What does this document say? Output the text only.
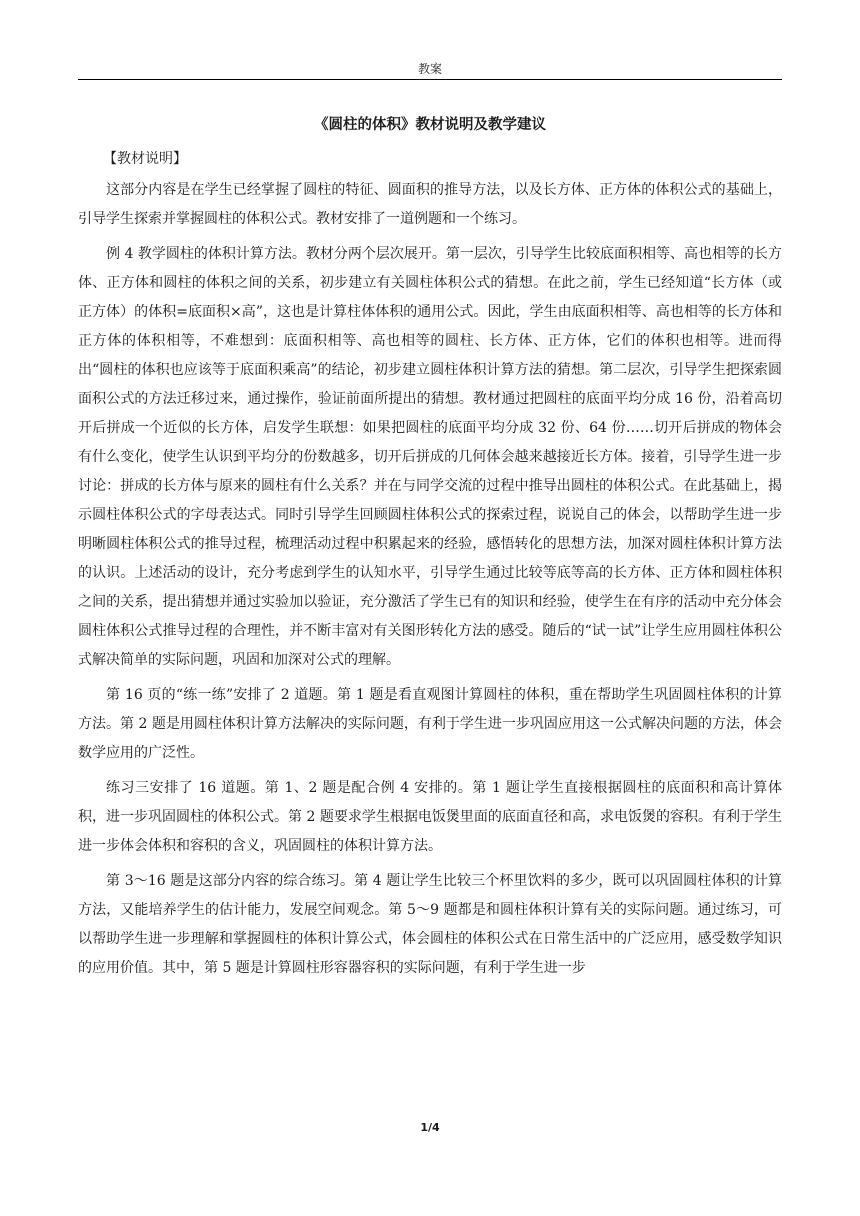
教案
《圆柱的体积》教材说明及教学建议
【教材说明】

这部分内容是在学生已经掌握了圆柱的特征、圆面积的推导方法，以及长方体、正方体的体积公式的基础上，引导学生探索并掌握圆柱的体积公式。教材安排了一道例题和一个练习。

例 4 教学圆柱的体积计算方法。教材分两个层次展开。第一层次，引导学生比较底面积相等、高也相等的长方体、正方体和圆柱的体积之间的关系，初步建立有关圆柱体积公式的猜想。在此之前，学生已经知道“长方体（或正方体）的体积=底面积×高”，这也是计算柱体体积的通用公式。因此，学生由底面积相等、高也相等的长方体和正方体的体积相等，不难想到：底面积相等、高也相等的圆柱、长方体、正方体，它们的体积也相等。进而得出“圆柱的体积也应该等于底面积乘高”的结论，初步建立圆柱体积计算方法的猜想。第二层次，引导学生把探索圆面积公式的方法迁移过来，通过操作，验证前面所提出的猜想。教材通过把圆柱的底面平均分成 16 份，沿着高切开后拼成一个近似的长方体，启发学生联想：如果把圆柱的底面平均分成 32 份、64 份……切开后拼成的物体会有什么变化，使学生认识到平均分的份数越多，切开后拼成的几何体会越来越接近长方体。接着，引导学生进一步讨论：拼成的长方体与原来的圆柱有什么关系？并在与同学交流的过程中推导出圆柱的体积公式。在此基础上，揭示圆柱体积公式的字母表达式。同时引导学生回顾圆柱体积公式的探索过程，说说自己的体会，以帮助学生进一步明晰圆柱体积公式的推导过程，梳理活动过程中积累起来的经验，感悟转化的思想方法，加深对圆柱体积计算方法的认识。上述活动的设计，充分考虑到学生的认知水平，引导学生通过比较等底等高的长方体、正方体和圆柱体积之间的关系，提出猜想并通过实验加以验证，充分激活了学生已有的知识和经验，使学生在有序的活动中充分体会圆柱体积公式推导过程的合理性，并不断丰富对有关图形转化方法的感受。随后的“试一试”让学生应用圆柱体积公式解决简单的实际问题，巩固和加深对公式的理解。

第 16 页的“练一练”安排了 2 道题。第 1 题是看直观图计算圆柱的体积，重在帮助学生巩固圆柱体积的计算方法。第 2 题是用圆柱体积计算方法解决的实际问题，有利于学生进一步巩固应用这一公式解决问题的方法，体会数学应用的广泛性。

练习三安排了 16 道题。第 1、2 题是配合例 4 安排的。第 1 题让学生直接根据圆柱的底面积和高计算体积，进一步巩固圆柱的体积公式。第 2 题要求学生根据电饭煲里面的底面直径和高，求电饭煲的容积。有利于学生进一步体会体积和容积的含义，巩固圆柱的体积计算方法。

第 3～16 题是这部分内容的综合练习。第 4 题让学生比较三个杯里饮料的多少，既可以巩固圆柱体积的计算方法，又能培养学生的估计能力，发展空间观念。第 5～9 题都是和圆柱体积计算有关的实际问题。通过练习，可以帮助学生进一步理解和掌握圆柱的体积计算公式，体会圆柱的体积公式在日常生活中的广泛应用，感受数学知识的应用价值。其中，第 5 题是计算圆柱形容器容积的实际问题，有利于学生进一步

1/4
